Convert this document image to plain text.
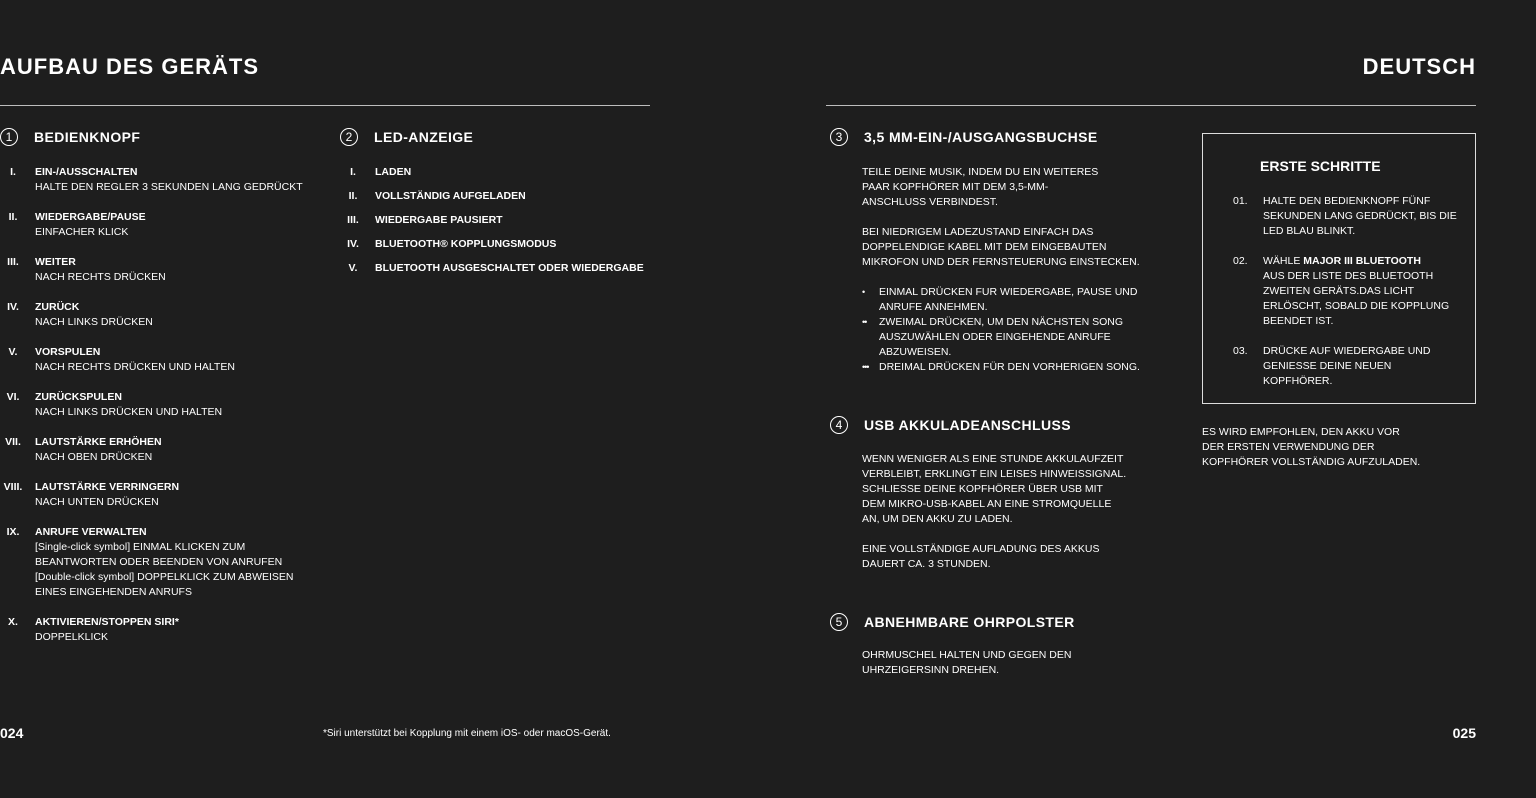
AUFBAU DES GERÄTS
1	BEDIENKNOPF
I.	EIN-/AUSSCHALTEN
HALTE DEN REGLER 3 SEKUNDEN LANG GEDRÜCKT
II.	WIEDERGABE/PAUSE
EINFACHER KLICK
III.	WEITER
NACH RECHTS DRÜCKEN
IV.	ZURÜCK
NACH LINKS DRÜCKEN
V.	VORSPULEN
NACH RECHTS DRÜCKEN UND HALTEN
VI.	ZURÜCKSPULEN
NACH LINKS DRÜCKEN UND HALTEN
VII.	LAUTSTÄRKE ERHÖHEN
NACH OBEN DRÜCKEN
VIII.	LAUTSTÄRKE VERRINGERN
NACH UNTEN DRÜCKEN
IX.	ANRUFE VERWALTEN
[Single-click symbol] EINMAL KLICKEN ZUM BEANTWORTEN ODER BEENDEN VON ANRUFEN [Double-click symbol] DOPPELKLICK ZUM ABWEISEN EINES EINGEHENDEN ANRUFS
X.	AKTIVIEREN/STOPPEN SIRI*
DOPPELKLICK
2	LED-ANZEIGE
I.	LADEN
II.	VOLLSTÄNDIG AUFGELADEN
III.	WIEDERGABE PAUSIERT
IV.	BLUETOOTH® KOPPLUNGSMODUS
V.	BLUETOOTH AUSGESCHALTET ODER WIEDERGABE
024	*Siri unterstützt bei Kopplung mit einem iOS- oder macOS-Gerät.
DEUTSCH
3	3,5 MM-EIN-/AUSGANGSBUCHSE

TEILE DEINE MUSIK, INDEM DU EIN WEITERES PAAR KOPFHÖRER MIT DEM 3,5-MM-ANSCHLUSS VERBINDEST.

BEI NIEDRIGEM LADEZUSTAND EINFACH DAS DOPPELENDIGE KABEL MIT DEM EINGEBAUTEN MIKROFON UND DER FERNSTEUERUNG EINSTECKEN.

• EINMAL DRÜCKEN FUR WIEDERGABE, PAUSE UND ANRUFE ANNEHMEN.
•• ZWEIMAL DRÜCKEN, UM DEN NÄCHSTEN SONG AUSZUWÄHLEN ODER EINGEHENDE ANRUFE ABZUWEISEN.
••• DREIMAL DRÜCKEN FÜR DEN VORHERIGEN SONG.
4	USB AKKULADEANSCHLUSS

WENN WENIGER ALS EINE STUNDE AKKULAUFZEIT VERBLEIBT, ERKLINGT EIN LEISES HINWEISSIGNAL. SCHLIESSE DEINE KOPFHÖRER ÜBER USB MIT DEM MIKRO-USB-KABEL AN EINE STROMQUELLE AN, UM DEN AKKU ZU LADEN.

EINE VOLLSTÄNDIGE AUFLADUNG DES AKKUS DAUERT CA. 3 STUNDEN.

5	ABNEHMBARE OHRPOLSTER

OHRMUSCHEL HALTEN UND GEGEN DEN UHRZEIGERSINN DREHEN.

ERSTE SCHRITTE
01. HALTE DEN BEDIENKNOPF FÜNF SEKUNDEN LANG GEDRÜCKT, BIS DIE LED BLAU BLINKT.
02. WÄHLE MAJOR III BLUETOOTH
AUS DER LISTE DES BLUETOOTH ZWEITEN GERÄTS.DAS LICHT ERLÖSCHT, SOBALD DIE KOPPLUNG BEENDET IST.
03. DRÜCKE AUF WIEDERGABE UND GENIESSE DEINE NEUEN KOPFHÖRER.

ES WIRD EMPFOHLEN, DEN AKKU VOR DER ERSTEN VERWENDUNG DER KOPFHÖRER VOLLSTÄNDIG AUFZULADEN.

025
